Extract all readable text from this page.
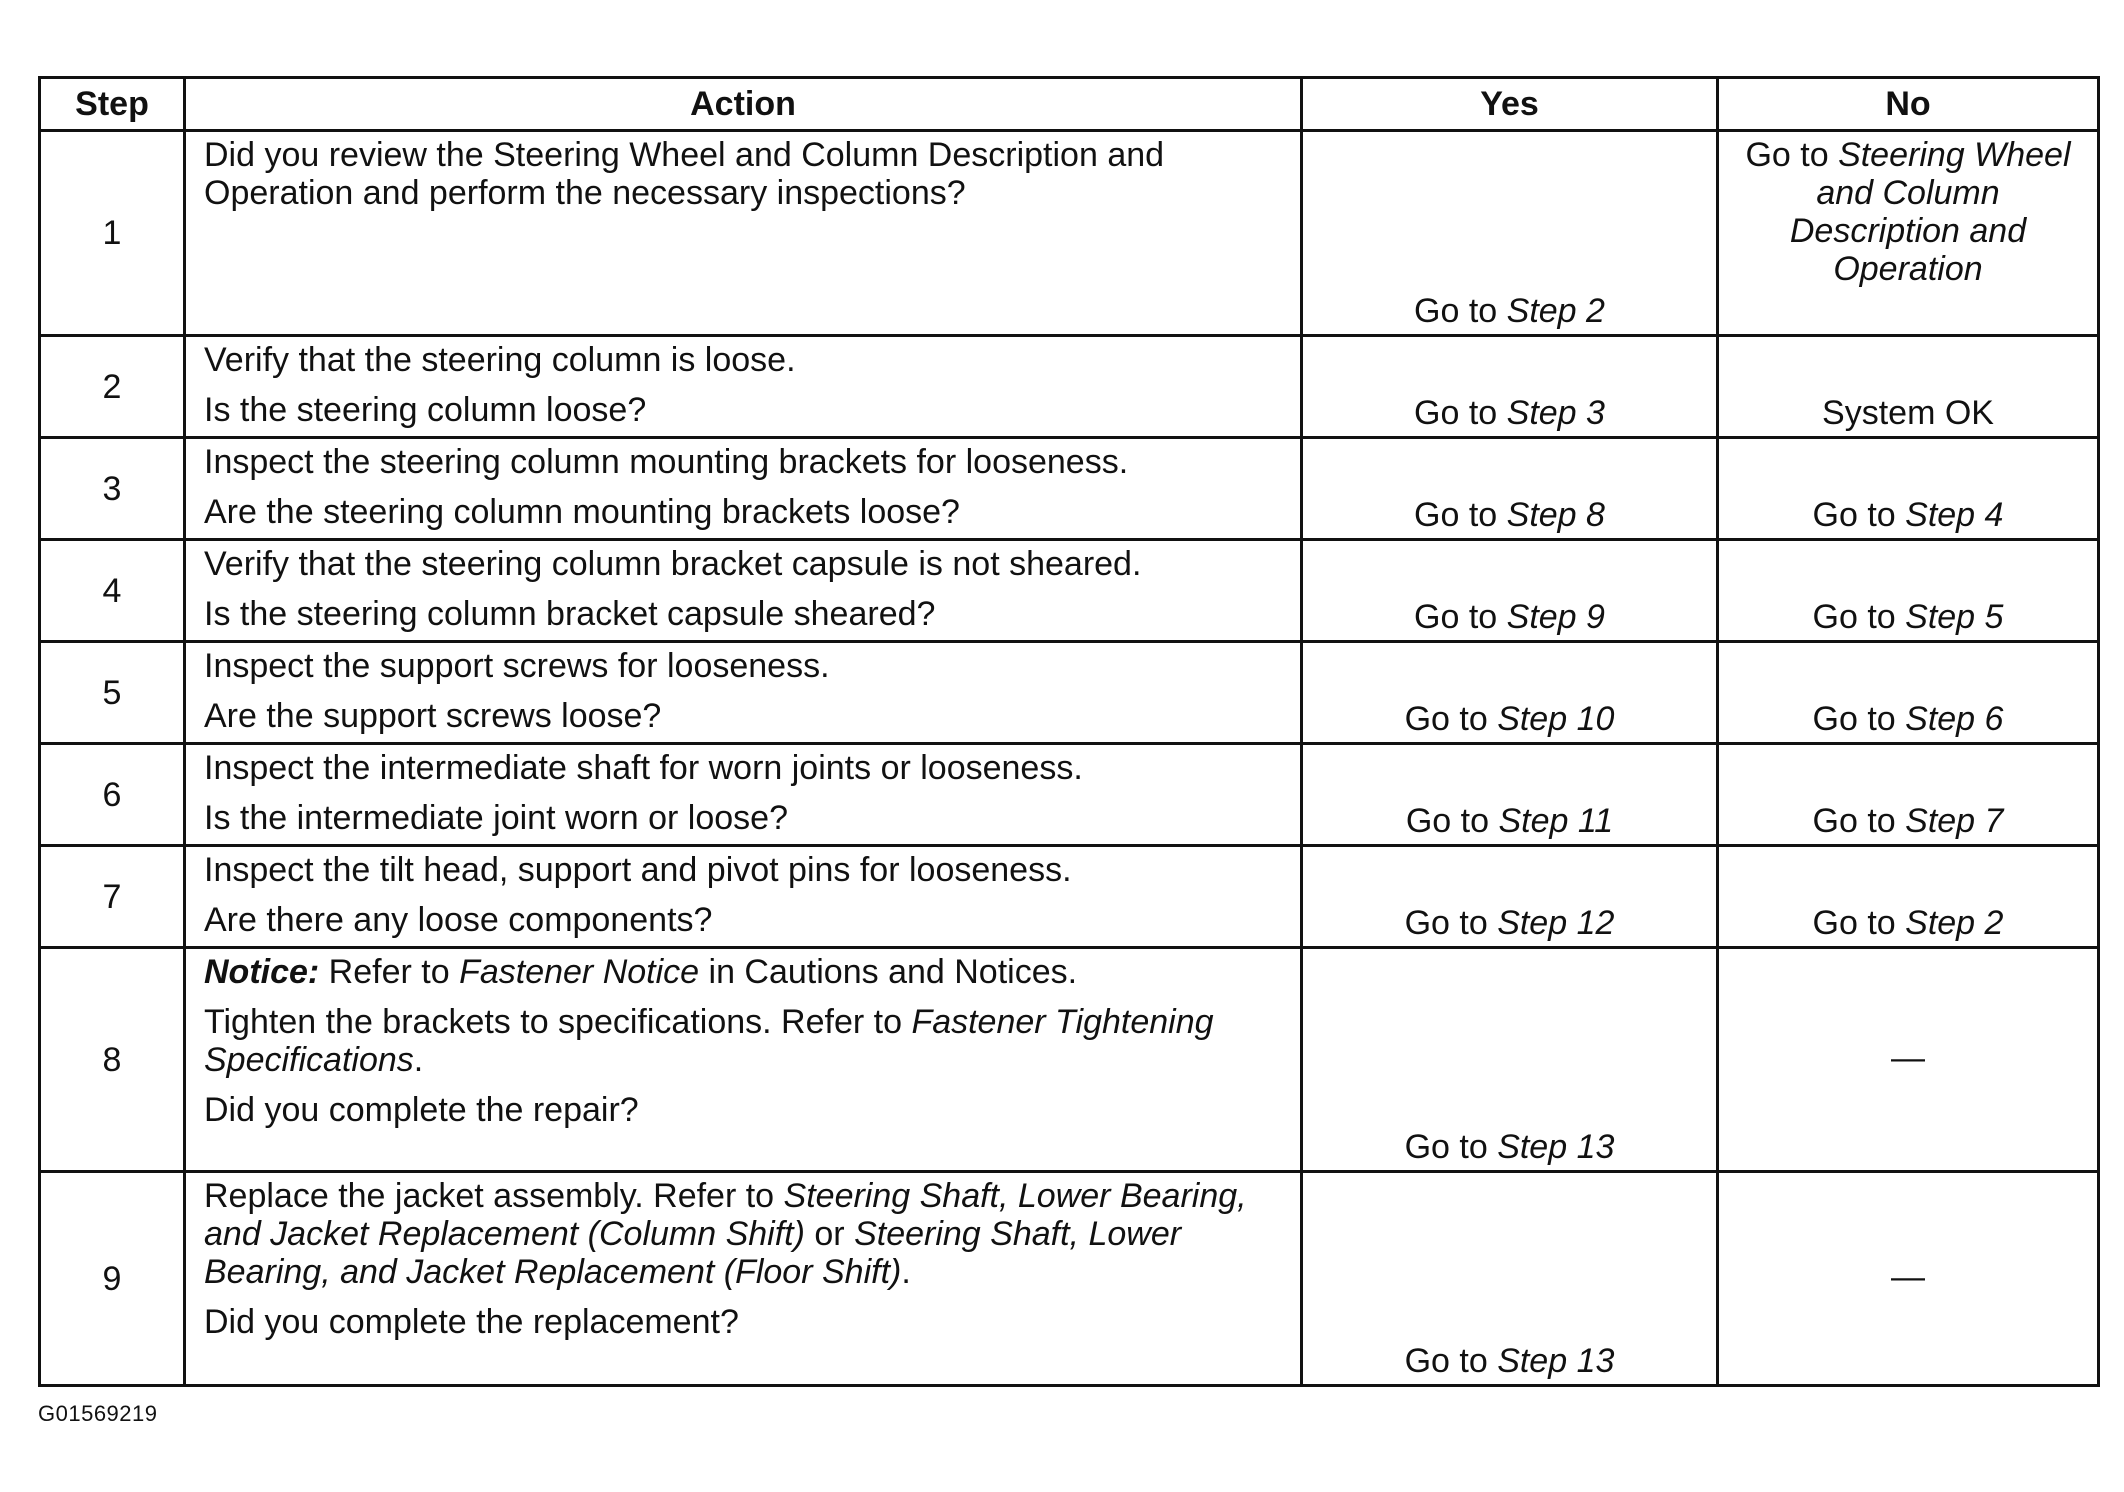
Step	Action	Yes	No
1	Did you review the Steering Wheel and Column Description and Operation and perform the necessary inspections?	Go to Step 2	Go to Steering Wheel and Column Description and Operation
2	Verify that the steering column is loose.

Is the steering column loose?	Go to Step 3	System OK
3	Inspect the steering column mounting brackets for looseness.

Are the steering column mounting brackets loose?	Go to Step 8	Go to Step 4
4	Verify that the steering column bracket capsule is not sheared.

Is the steering column bracket capsule sheared?	Go to Step 9	Go to Step 5
5	Inspect the support screws for looseness.

Are the support screws loose?	Go to Step 10	Go to Step 6
6	Inspect the intermediate shaft for worn joints or looseness.

Is the intermediate joint worn or loose?	Go to Step 11	Go to Step 7
7	Inspect the tilt head, support and pivot pins for looseness.

Are there any loose components?	Go to Step 12	Go to Step 2
8	Notice: Refer to Fastener Notice in Cautions and Notices.

Tighten the brackets to specifications. Refer to Fastener Tightening Specifications.

Did you complete the repair?	Go to Step 13	—
9	Replace the jacket assembly. Refer to Steering Shaft, Lower Bearing, and Jacket Replacement (Column Shift) or Steering Shaft, Lower Bearing, and Jacket Replacement (Floor Shift).

Did you complete the replacement?	Go to Step 13	—
G01569219
